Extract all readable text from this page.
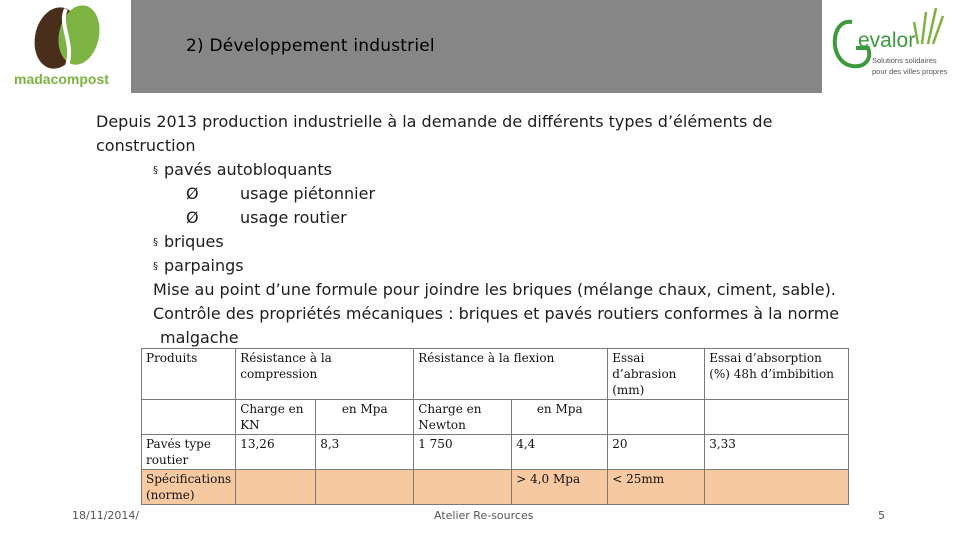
madacompost
2) Développement industriel	evalor
Solutions solidaires
pour des villes propres
Depuis 2013 production industrielle à la demande de différents types d’éléments de
construction
§ pavés autobloquants
Ø	usage piétonnier
Ø	usage routier
§ briques
§ parpaings
Mise au point d’une formule pour joindre les briques (mélange chaux, ciment, sable).
Contrôle des propriétés mécaniques : briques et pavés routiers conformes à la norme
malgache
Produits	Résistance à la compression		Résistance à la flexion		Essai d’abrasion (mm)	Essai d’absorption (%) 48h d’imbibition
	Charge en KN	en Mpa	Charge en Newton	en Mpa		
Pavés type routier	13,26	8,3	1 750	4,4	20	3,33
Spécifications (norme)				> 4,0 Mpa	< 25mm	
18/11/2014/	Atelier Re-sources	5
